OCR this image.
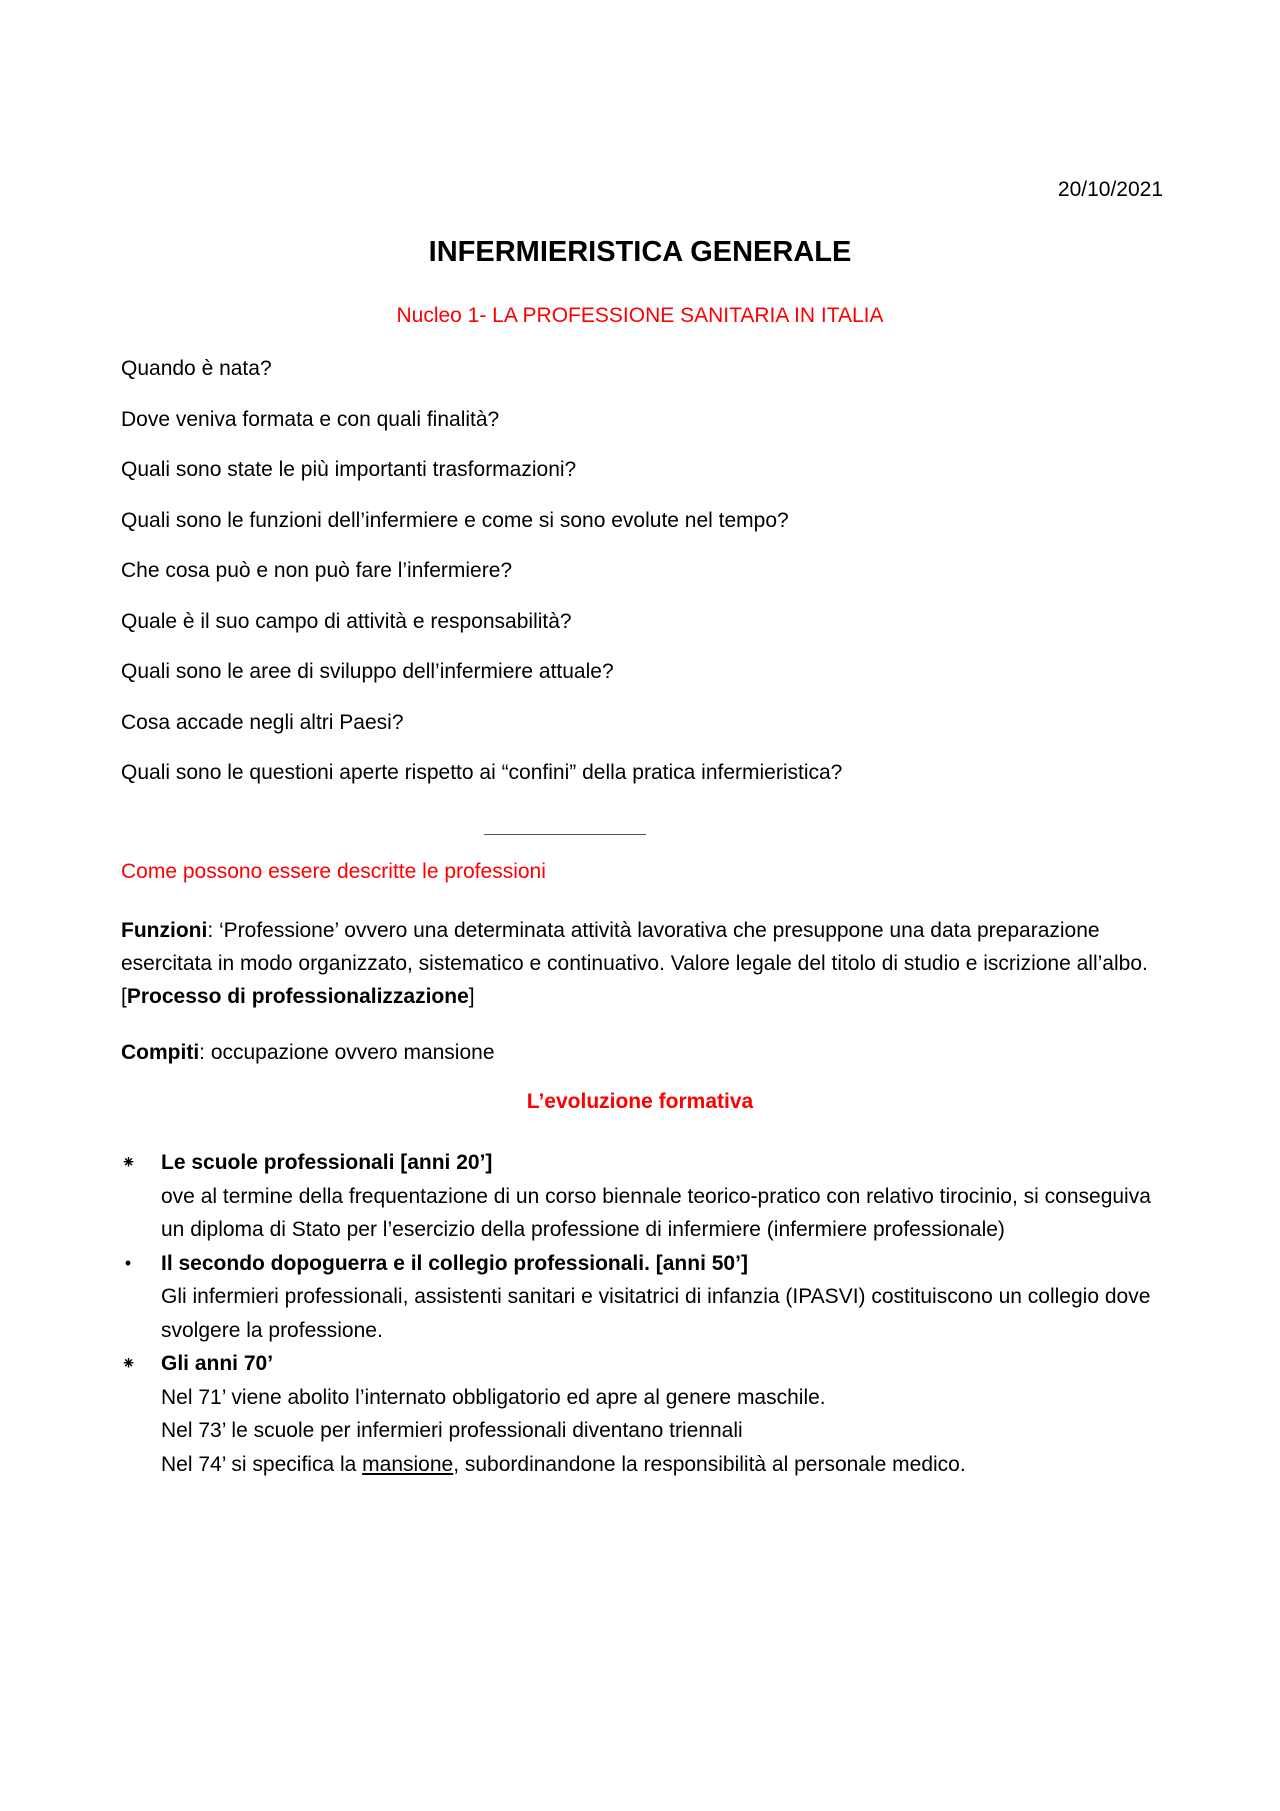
20/10/2021
INFERMIERISTICA GENERALE
Nucleo 1- LA PROFESSIONE SANITARIA IN ITALIA
Quando è nata?
Dove veniva formata e con quali finalità?
Quali sono state le più importanti trasformazioni?
Quali sono le funzioni dell’infermiere e come si sono evolute nel tempo?
Che cosa può e non può fare l’infermiere?
Quale è il suo campo di attività e responsabilità?
Quali sono le aree di sviluppo dell’infermiere attuale?
Cosa accade negli altri Paesi?
Quali sono le questioni aperte rispetto ai “confini” della pratica infermieristica?
Come possono essere descritte le professioni
Funzioni: ‘Professione’ ovvero una determinata attività lavorativa che presuppone una data preparazione esercitata in modo organizzato, sistematico e continuativo. Valore legale del titolo di studio e iscrizione all’albo. [Processo di professionalizzazione]
Compiti: occupazione ovvero mansione
L’evoluzione formativa
⁕ Le scuole professionali [anni 20’]
ove al termine della frequentazione di un corso biennale teorico-pratico con relativo tirocinio, si conseguiva un diploma di Stato per l’esercizio della professione di infermiere (infermiere professionale)
• Il secondo dopoguerra e il collegio professionali. [anni 50’]
Gli infermieri professionali, assistenti sanitari e visitatrici di infanzia (IPASVI) costituiscono un collegio dove svolgere la professione.
⁕ Gli anni 70’
Nel 71’ viene abolito l’internato obbligatorio ed apre al genere maschile.
Nel 73’ le scuole per infermieri professionali diventano triennali
Nel 74’ si specifica la mansione, subordinandone la responsibilità al personale medico.
